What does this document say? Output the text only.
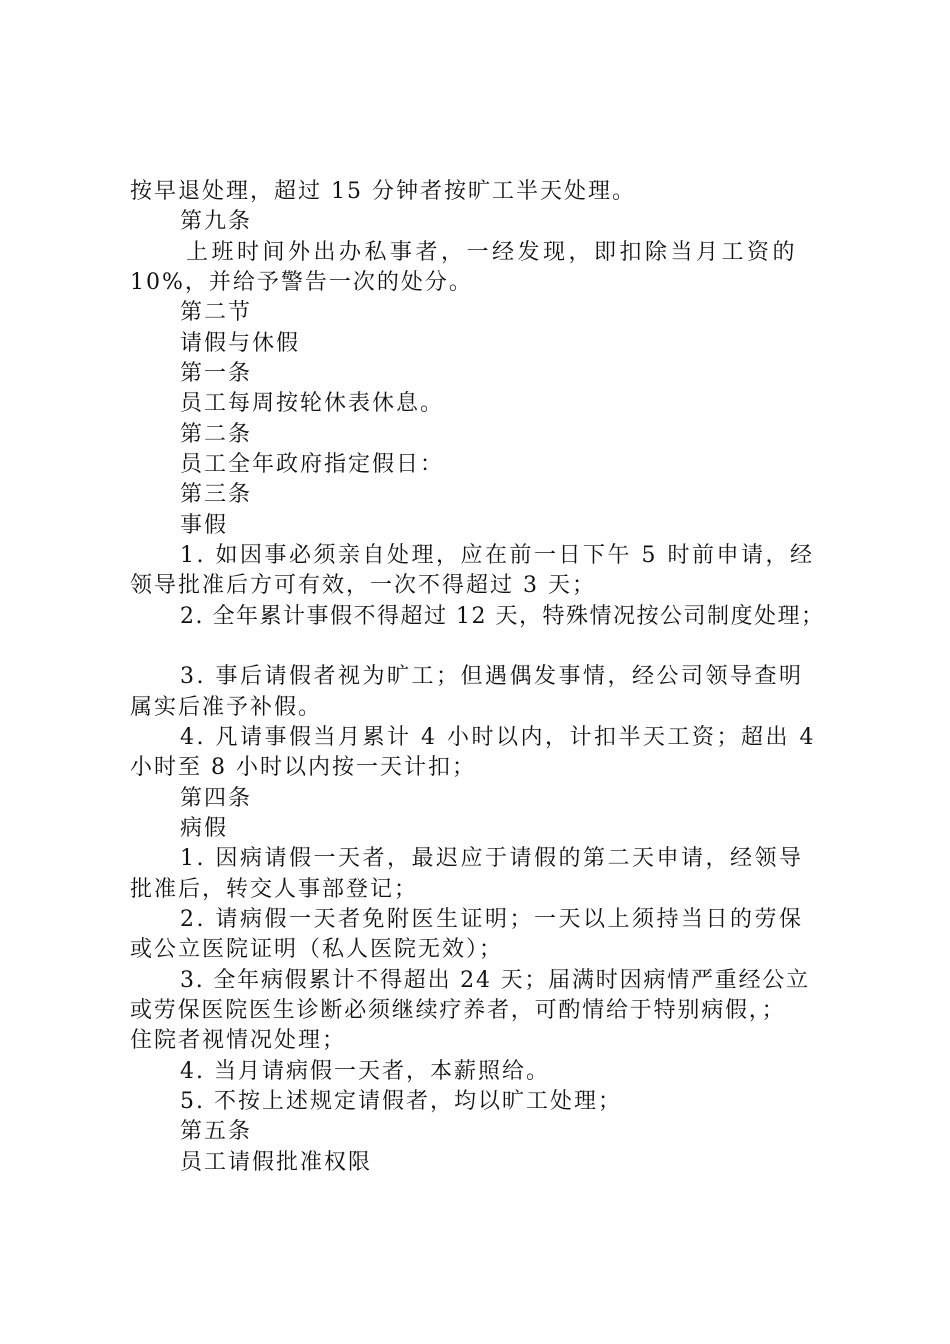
按早退处理，超过 15 分钟者按旷工半天处理。
第九条
上班时间外出办私事者，一经发现，即扣除当月工资的
10%，并给予警告一次的处分。
第二节
请假与休假
第一条
员工每周按轮休表休息。
第二条
员工全年政府指定假日：
第三条
事假
1. 如因事必须亲自处理，应在前一日下午 5 时前申请，经
领导批准后方可有效，一次不得超过 3 天；
2. 全年累计事假不得超过 12 天，特殊情况按公司制度处理；
3. 事后请假者视为旷工；但遇偶发事情，经公司领导查明
属实后准予补假。
4. 凡请事假当月累计 4 小时以内，计扣半天工资；超出 4
小时至 8 小时以内按一天计扣；
第四条
病假
1. 因病请假一天者，最迟应于请假的第二天申请，经领导
批准后，转交人事部登记；
2. 请病假一天者免附医生证明；一天以上须持当日的劳保
或公立医院证明（私人医院无效）；
3. 全年病假累计不得超出 24 天；届满时因病情严重经公立
或劳保医院医生诊断必须继续疗养者，可酌情给于特别病假，；
住院者视情况处理；
4. 当月请病假一天者，本薪照给。
5. 不按上述规定请假者，均以旷工处理；
第五条
员工请假批准权限
